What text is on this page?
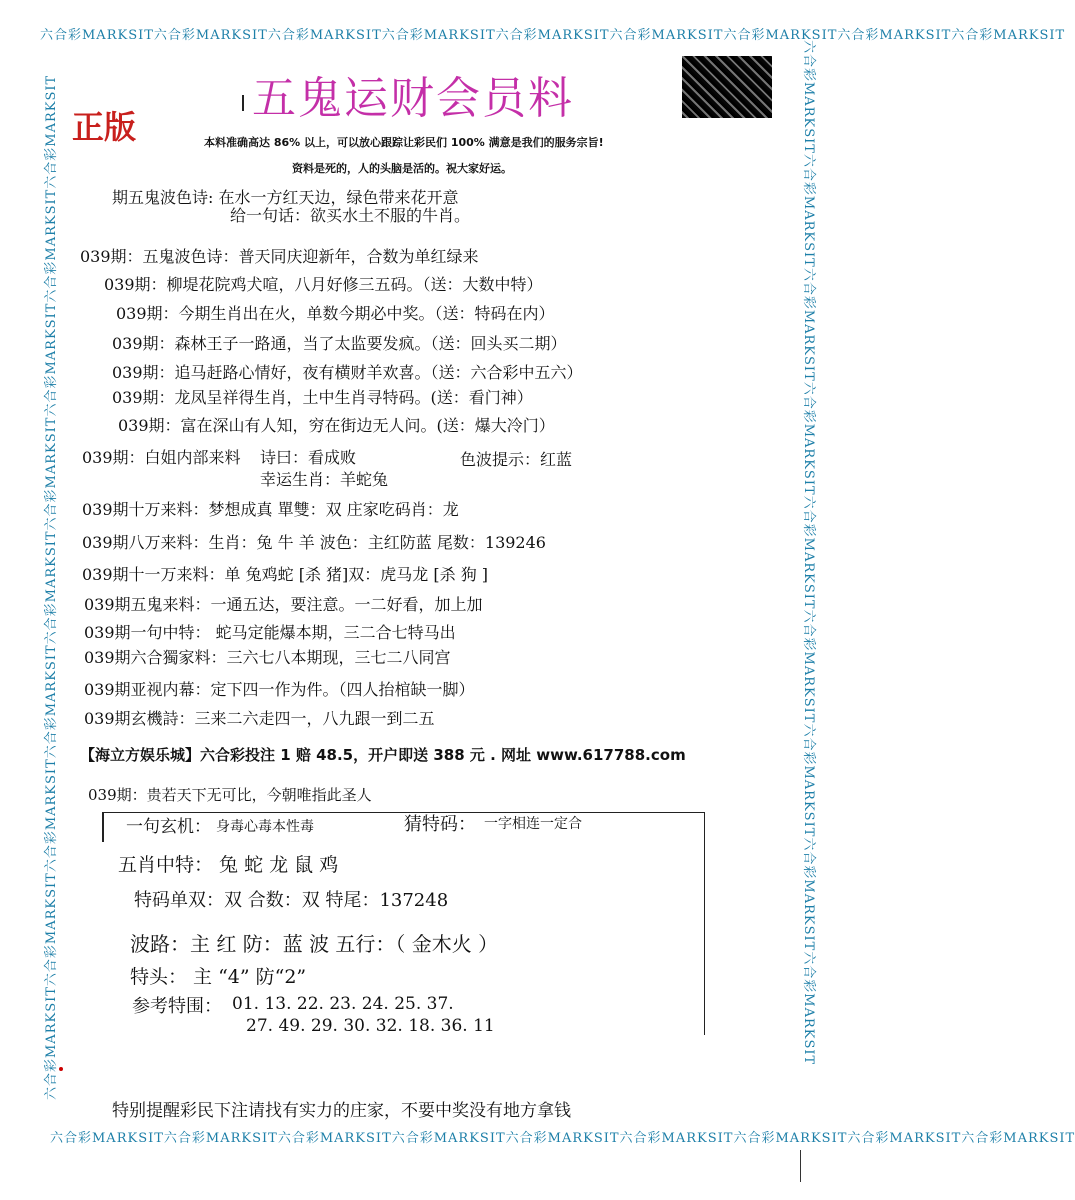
六合彩MARKSIT六合彩MARKSIT六合彩MARKSIT六合彩MARKSIT六合彩MARKSIT六合彩MARKSIT六合彩MARKSIT六合彩MARKSIT六合彩MARKSIT
六合彩MARKSIT六合彩MARKSIT六合彩MARKSIT六合彩MARKSIT六合彩MARKSIT六合彩MARKSIT六合彩MARKSIT六合彩MARKSIT六合彩MARKSIT
六合彩MARKSIT六合彩MARKSIT六合彩MARKSIT六合彩MARKSIT六合彩MARKSIT六合彩MARKSIT六合彩MARKSIT六合彩MARKSIT六合彩MARKSIT	六合彩MARKSIT六合彩MARKSIT六合彩MARKSIT六合彩MARKSIT六合彩MARKSIT六合彩MARKSIT六合彩MARKSIT六合彩MARKSIT六合彩MARKSIT
五鬼运财会员料
正版	本料准确高达 86% 以上，可以放心跟踪让彩民们 100% 满意是我们的服务宗旨!
资料是死的，人的头脑是活的。祝大家好运。
期五鬼波色诗: 在水一方红天边，绿色带来花开意
给一句话：欲买水土不服的牛肖。
039期：五鬼波色诗：普天同庆迎新年，合数为单红绿来
039期：柳堤花院鸡犬喧，八月好修三五码。（送：大数中特）
039期：今期生肖出在火，单数今期必中奖。（送：特码在内）
039期：森林王子一路通，当了太监要发疯。（送：回头买二期）
039期：追马赶路心情好，夜有横财羊欢喜。（送：六合彩中五六）
039期：龙凤呈祥得生肖，土中生肖寻特码。(送：看门神）
039期：富在深山有人知，穷在街边无人问。(送：爆大冷门）
039期：白姐内部来料 诗曰：看成败
幸运生肖：羊蛇兔
色波提示：红蓝
039期十万来料：梦想成真 單雙：双 庄家吃码肖：龙
039期八万来料：生肖：兔 牛 羊 波色：主红防蓝 尾数：139246
039期十一万来料：单 兔鸡蛇 [杀 猪]双：虎马龙 [杀 狗 ]
039期五鬼来料：一通五达，要注意。一二好看，加上加
039期一句中特： 蛇马定能爆本期，三二合七特马出
039期六合獨家料：三六七八本期现，三七二八同宫
039期亚视内幕：定下四一作为件。（四人抬棺缺一脚）
039期玄機詩：三来二六走四一，八九跟一到二五
【海立方娱乐城】六合彩投注 1 赔 48.5，开户即送 388 元 . 网址 www.617788.com
039期：贵若天下无可比，今朝唯指此圣人
一句玄机： 身毒心毒本性毒	猜特码： 一字相连一定合
五肖中特： 兔 蛇 龙 鼠 鸡
特码单双：双 合数：双 特尾：137248
波路：主 红 防：蓝 波 五行：（ 金木火 ）
特头： 主 “4” 防“2”
参考特围： 01. 13. 22. 23. 24. 25. 37.
27. 49. 29. 30. 32. 18. 36. 11
特别提醒彩民下注请找有实力的庄家，不要中奖没有地方拿钱
